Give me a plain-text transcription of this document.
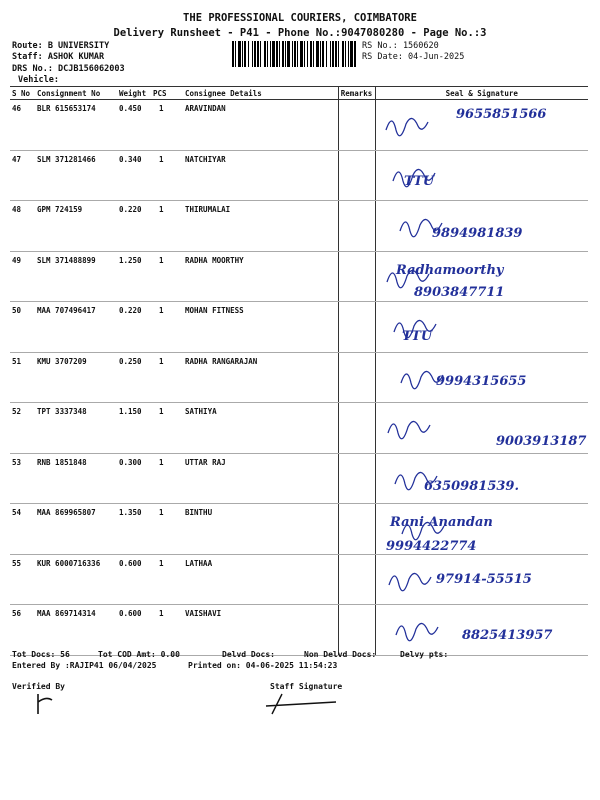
THE PROFESSIONAL COURIERS, COIMBATORE
Delivery Runsheet - P41 - Phone No.:9047080280 - Page No.:3
Route: B UNIVERSITY
Staff: ASHOK KUMAR
DRS No.: DCJB156062003
Vehicle:
RS No.: 1560620
RS Date: 04-Jun-2025
S No	Consignment No	Weight	PCS	Consignee Details	Remarks	Seal & Signature
46	BLR 615653174	0.450	1	ARAVINDAN		9655851566

47	SLM 371281466	0.340	1	NATCHIYAR		TTU

48	GPM 724159	0.220	1	THIRUMALAI		9894981839

49	SLM 371488899	1.250	1	RADHA MOORTHY		Radhamoorthy
8903847711

50	MAA 707496417	0.220	1	MOHAN FITNESS		TTU

51	KMU 3707209	0.250	1	RADHA RANGARAJAN		9994315655

52	TPT 3337348	1.150	1	SATHIYA		9003913187

53	RNB 1851848	0.300	1	UTTAR RAJ		6350981539.

54	MAA 869965807	1.350	1	BINTHU		Rani Anandan
9994422774

55	KUR 6000716336	0.600	1	LATHAA		97914-55515

56	MAA 869714314	0.600	1	VAISHAVI		8825413957
Tot Docs: 56	Tot COD Amt: 0.00	Delvd Docs:	Non Delvd Docs:	Delvy pts:
Entered By :RAJIP41 06/04/2025	Printed on: 04-06-2025 11:54:23
Verified By	Staff Signature
